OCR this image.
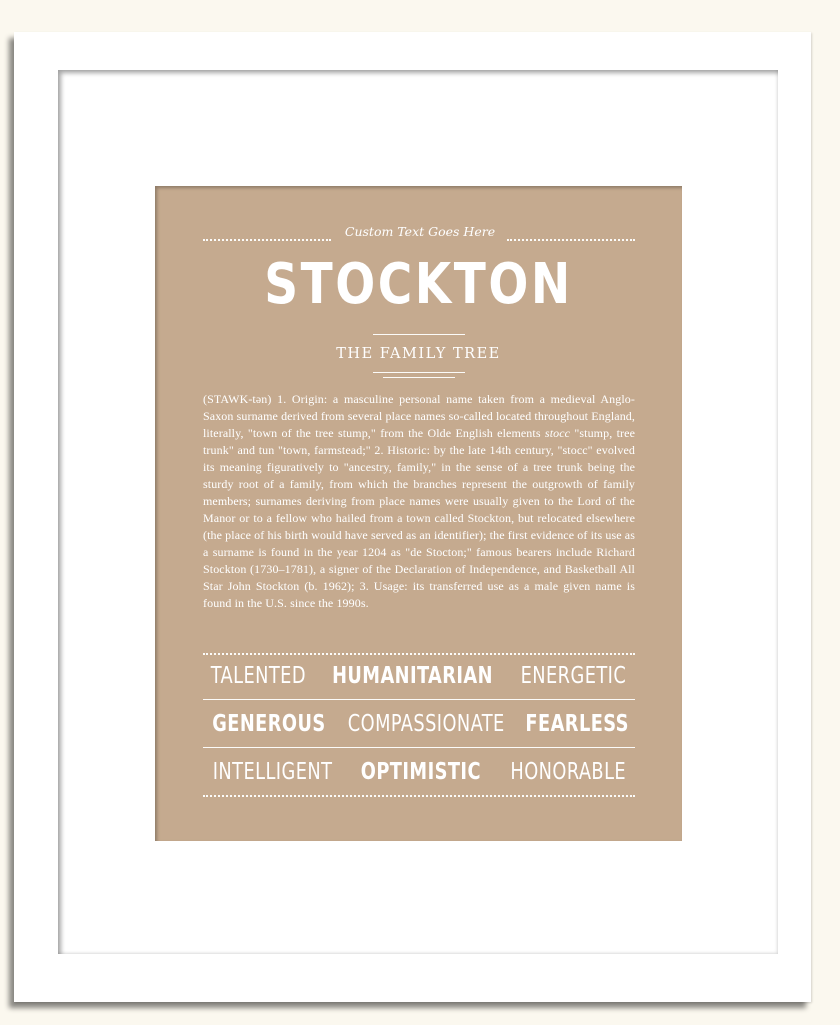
Custom Text Goes Here
STOCKTON
THE FAMILY TREE
(STAWK-tən) 1. Origin: a masculine personal name taken from a medieval Anglo-Saxon surname derived from several place names so-called located throughout England, literally, "town of the tree stump," from the Olde English elements stocc "stump, tree trunk" and tun "town, farmstead;" 2. Historic: by the late 14th century, "stocc" evolved its meaning figuratively to "ancestry, family," in the sense of a tree trunk being the sturdy root of a family, from which the branches represent the outgrowth of family members; surnames deriving from place names were usually given to the Lord of the Manor or to a fellow who hailed from a town called Stockton, but relocated elsewhere (the place of his birth would have served as an identifier); the first evidence of its use as a surname is found in the year 1204 as "de Stocton;" famous bearers include Richard Stockton (1730–1781), a signer of the Declaration of Independence, and Basketball All Star John Stockton (b. 1962); 3. Usage: its transferred use as a male given name is found in the U.S. since the 1990s.
TALENTED HUMANITARIAN ENERGETIC
GENEROUS COMPASSIONATE FEARLESS
INTELLIGENT OPTIMISTIC HONORABLE
